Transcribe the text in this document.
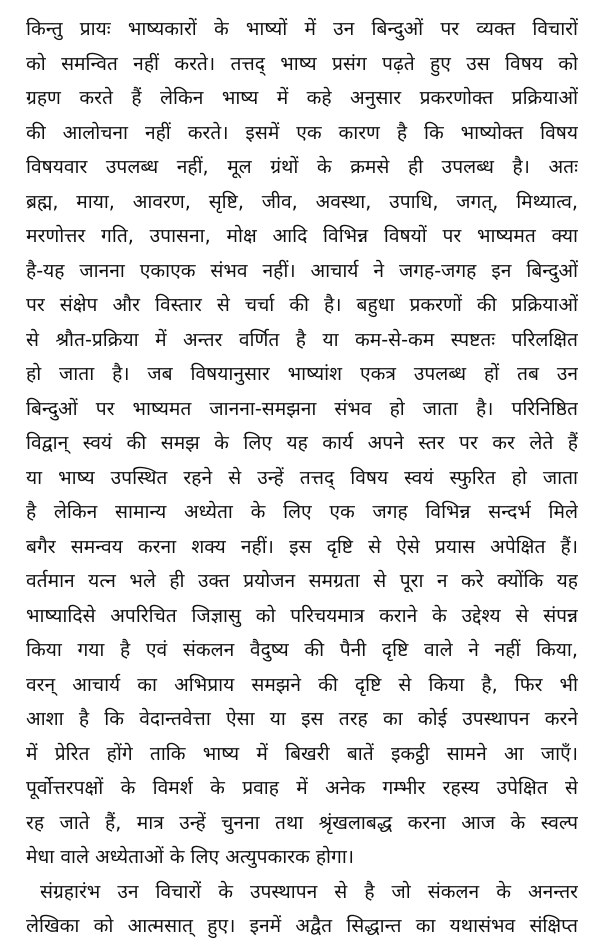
किन्तु प्रायः भाष्यकारों के भाष्यों में उन बिन्दुओं पर व्यक्त विचारों
को समन्वित नहीं करते। तत्तद् भाष्य प्रसंग पढ़ते हुए उस विषय को
ग्रहण करते हैं लेकिन भाष्य में कहे अनुसार प्रकरणोक्त प्रक्रियाओं
की आलोचना नहीं करते। इसमें एक कारण है कि भाष्योक्त विषय
विषयवार उपलब्ध नहीं, मूल ग्रंथों के क्रमसे ही उपलब्ध है। अतः
ब्रह्म, माया, आवरण, सृष्टि, जीव, अवस्था, उपाधि, जगत्, मिथ्यात्व,
मरणोत्तर गति, उपासना, मोक्ष आदि विभिन्न विषयों पर भाष्यमत क्या
है-यह जानना एकाएक संभव नहीं। आचार्य ने जगह-जगह इन बिन्दुओं
पर संक्षेप और विस्तार से चर्चा की है। बहुधा प्रकरणों की प्रक्रियाओं
से श्रौत-प्रक्रिया में अन्तर वर्णित है या कम-से-कम स्पष्टतः परिलक्षित
हो जाता है। जब विषयानुसार भाष्यांश एकत्र उपलब्ध हों तब उन
बिन्दुओं पर भाष्यमत जानना-समझना संभव हो जाता है। परिनिष्ठित
विद्वान् स्वयं की समझ के लिए यह कार्य अपने स्तर पर कर लेते हैं
या भाष्य उपस्थित रहने से उन्हें तत्तद् विषय स्वयं स्फुरित हो जाता
है लेकिन सामान्य अध्येता के लिए एक जगह विभिन्न सन्दर्भ मिले
बगैर समन्वय करना शक्य नहीं। इस दृष्टि से ऐसे प्रयास अपेक्षित हैं।
वर्तमान यत्न भले ही उक्त प्रयोजन समग्रता से पूरा न करे क्योंकि यह
भाष्यादिसे अपरिचित जिज्ञासु को परिचयमात्र कराने के उद्देश्य से संपन्न
किया गया है एवं संकलन वैदुष्य की पैनी दृष्टि वाले ने नहीं किया,
वरन् आचार्य का अभिप्राय समझने की दृष्टि से किया है, फिर भी
आशा है कि वेदान्तवेत्ता ऐसा या इस तरह का कोई उपस्थापन करने
में प्रेरित होंगे ताकि भाष्य में बिखरी बातें इकट्ठी सामने आ जाएँ।
पूर्वोत्तरपक्षों के विमर्श के प्रवाह में अनेक गम्भीर रहस्य उपेक्षित से
रह जाते हैं, मात्र उन्हें चुनना तथा श्रृंखलाबद्ध करना आज के स्वल्प
मेधा वाले अध्येताओं के लिए अत्युपकारक होगा।
संग्रहारंभ उन विचारों के उपस्थापन से है जो संकलन के अनन्तर
लेखिका को आत्मसात् हुए। इनमें अद्वैत सिद्धान्त का यथासंभव संक्षिप्त
